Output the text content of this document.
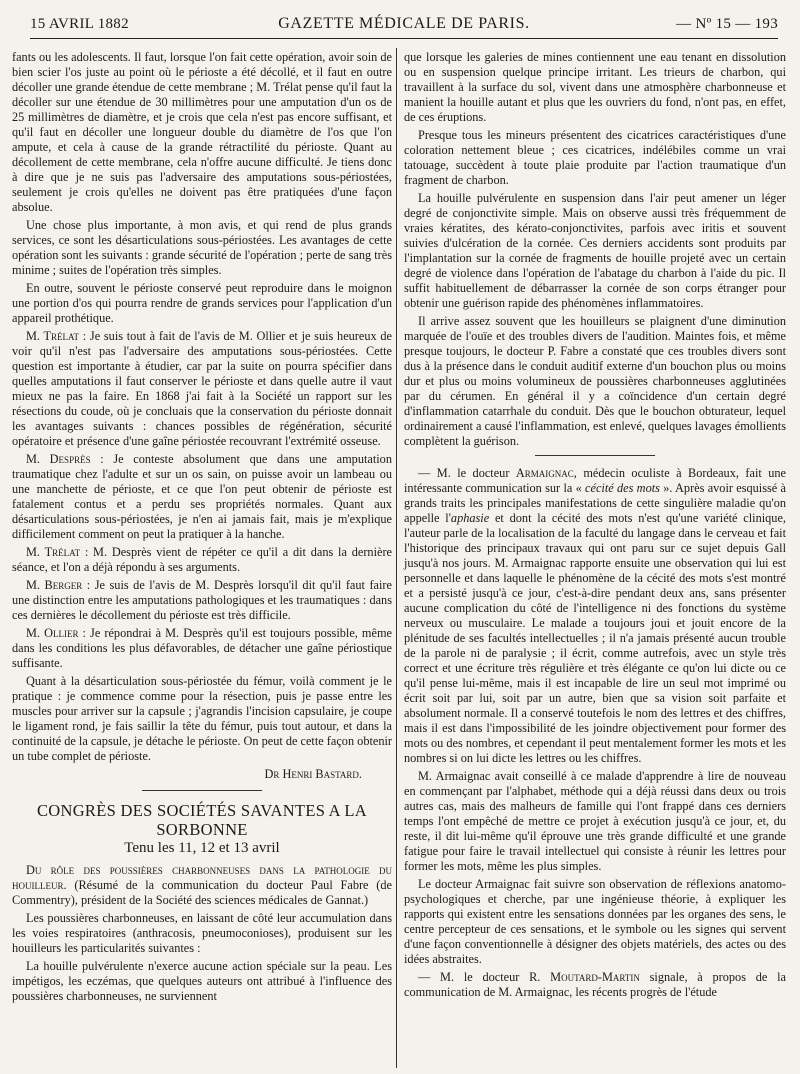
15 AVRIL 1882	GAZETTE MÉDICALE DE PARIS.	— Nº 15 — 193

fants ou les adolescents. Il faut, lorsque l'on fait cette opération, avoir soin de bien scier l'os juste au point où le périoste a été décollé, et il faut en outre décoller une grande étendue de cette membrane ; M. Trélat pense qu'il faut la décoller sur une étendue de 30 millimètres pour une amputation d'un os de 25 millimètres de diamètre, et je crois que cela n'est pas encore suffisant, et qu'il faut en décoller une longueur double du diamètre de l'os que l'on ampute, et cela à cause de la grande rétractilité du périoste. Quant au décollement de cette membrane, cela n'offre aucune difficulté. Je tiens donc à dire que je ne suis pas l'adversaire des amputations sous-périostées, seulement je crois qu'elles ne doivent pas être pratiquées d'une façon absolue.

Une chose plus importante, à mon avis, et qui rend de plus grands services, ce sont les désarticulations sous-périostées. Les avantages de cette opération sont les suivants : grande sécurité de l'opération ; perte de sang très minime ; suites de l'opération très simples.

En outre, souvent le périoste conservé peut reproduire dans le moignon une portion d'os qui pourra rendre de grands services pour l'application d'un appareil prothétique.

M. Trélat : Je suis tout à fait de l'avis de M. Ollier et je suis heureux de voir qu'il n'est pas l'adversaire des amputations sous-périostées. Cette question est importante à étudier, car par la suite on pourra spécifier dans quelles amputations il faut conserver le périoste et dans quelle autre il vaut mieux ne pas la faire. En 1868 j'ai fait à la Société un rapport sur les résections du coude, où je concluais que la conservation du périoste donnait les avantages suivants : chances possibles de régénération, sécurité opératoire et présence d'une gaîne périostée recouvrant l'extrémité osseuse.

M. Desprès : Je conteste absolument que dans une amputation traumatique chez l'adulte et sur un os sain, on puisse avoir un lambeau ou une manchette de périoste, et ce que l'on peut obtenir de périoste est fatalement contus et a perdu ses propriétés normales. Quant aux désarticulations sous-périostées, je n'en ai jamais fait, mais je m'explique difficilement comment on peut la pratiquer à la hanche.

M. Trélat : M. Desprès vient de répéter ce qu'il a dit dans la dernière séance, et l'on a déjà répondu à ses arguments.

M. Berger : Je suis de l'avis de M. Desprès lorsqu'il dit qu'il faut faire une distinction entre les amputations pathologiques et les traumatiques : dans ces dernières le décollement du périoste est très difficile.

M. Ollier : Je répondrai à M. Desprès qu'il est toujours possible, même dans les conditions les plus défavorables, de détacher une gaîne périostique suffisante.

Quant à la désarticulation sous-périostée du fémur, voilà comment je le pratique : je commence comme pour la résection, puis je passe entre les muscles pour arriver sur la capsule ; j'agrandis l'incision capsulaire, je coupe le ligament rond, je fais saillir la tête du fémur, puis tout autour, et dans la continuité de la capsule, je détache le périoste. On peut de cette façon obtenir un tube complet de périoste.

Dr Henri Bastard.
CONGRÈS DES SOCIÉTÉS SAVANTES A LA SORBONNE
Tenu les 11, 12 et 13 avril

Du rôle des poussières charbonneuses dans la pathologie du houilleur. (Résumé de la communication du docteur Paul Fabre (de Commentry), président de la Société des sciences médicales de Gannat.)

Les poussières charbonneuses, en laissant de côté leur accumulation dans les voies respiratoires (anthracosis, pneumoconioses), produisent sur les houilleurs les particularités suivantes :

La houille pulvérulente n'exerce aucune action spéciale sur la peau. Les impétigos, les eczémas, que quelques auteurs ont attribué à l'influence des poussières charbonneuses, ne surviennent

que lorsque les galeries de mines contiennent une eau tenant en dissolution ou en suspension quelque principe irritant. Les trieurs de charbon, qui travaillent à la surface du sol, vivent dans une atmosphère charbonneuse et manient la houille autant et plus que les ouvriers du fond, n'ont pas, en effet, de ces éruptions.

Presque tous les mineurs présentent des cicatrices caractéristiques d'une coloration nettement bleue ; ces cicatrices, indélébiles comme un vrai tatouage, succèdent à toute plaie produite par l'action traumatique d'un fragment de charbon.

La houille pulvérulente en suspension dans l'air peut amener un léger degré de conjonctivite simple. Mais on observe aussi très fréquemment de vraies kératites, des kérato-conjonctivites, parfois avec iritis et souvent suivies d'ulcération de la cornée. Ces derniers accidents sont produits par l'implantation sur la cornée de fragments de houille projeté avec un certain degré de violence dans l'opération de l'abatage du charbon à l'aide du pic. Il suffit habituellement de débarrasser la cornée de son corps étranger pour obtenir une guérison rapide des phénomènes inflammatoires.

Il arrive assez souvent que les houilleurs se plaignent d'une diminution marquée de l'ouïe et des troubles divers de l'audition. Maintes fois, et même presque toujours, le docteur P. Fabre a constaté que ces troubles divers sont dus à la présence dans le conduit auditif externe d'un bouchon plus ou moins dur et plus ou moins volumineux de poussières charbonneuses agglutinées par du cérumen. En général il y a coïncidence d'un certain degré d'inflammation catarrhale du conduit. Dès que le bouchon obturateur, lequel ordinairement a causé l'inflammation, est enlevé, quelques lavages émollients complètent la guérison.

— M. le docteur Armaignac, médecin oculiste à Bordeaux, fait une intéressante communication sur la « cécité des mots ». Après avoir esquissé à grands traits les principales manifestations de cette singulière maladie qu'on appelle l'aphasie et dont la cécité des mots n'est qu'une variété clinique, l'auteur parle de la localisation de la faculté du langage dans le cerveau et fait l'historique des principaux travaux qui ont paru sur ce sujet depuis Gall jusqu'à nos jours. M. Armaignac rapporte ensuite une observation qui lui est personnelle et dans laquelle le phénomène de la cécité des mots s'est montré et a persisté jusqu'à ce jour, c'est-à-dire pendant deux ans, sans présenter aucune complication du côté de l'intelligence ni des fonctions du système nerveux ou musculaire. Le malade a toujours joui et jouit encore de la plénitude de ses facultés intellectuelles ; il n'a jamais présenté aucun trouble de la parole ni de paralysie ; il écrit, comme autrefois, avec un style très correct et une écriture très régulière et très élégante ce qu'on lui dicte ou ce qu'il pense lui-même, mais il est incapable de lire un seul mot imprimé ou écrit soit par lui, soit par un autre, bien que sa vision soit parfaite et absolument normale. Il a conservé toutefois le nom des lettres et des chiffres, mais il est dans l'impossibilité de les joindre objectivement pour former des mots ou des nombres, et cependant il peut mentalement former les mots et les nombres si on lui dicte les lettres ou les chiffres.

M. Armaignac avait conseillé à ce malade d'apprendre à lire de nouveau en commençant par l'alphabet, méthode qui a déjà réussi dans deux ou trois autres cas, mais des malheurs de famille qui l'ont frappé dans ces derniers temps l'ont empêché de mettre ce projet à exécution jusqu'à ce jour, et, du reste, il dit lui-même qu'il éprouve une très grande difficulté et une grande fatigue pour faire le travail intellectuel qui consiste à réunir les lettres pour former les mots, même les plus simples.

Le docteur Armaignac fait suivre son observation de réflexions anatomo-psychologiques et cherche, par une ingénieuse théorie, à expliquer les rapports qui existent entre les sensations données par les organes des sens, le centre percepteur de ces sensations, et le symbole ou les signes qui servent d'une façon conventionnelle à désigner des objets matériels, des actes ou des idées abstraites.

— M. le docteur R. Moutard-Martin signale, à propos de la communication de M. Armaignac, les récents progrès de l'étude
